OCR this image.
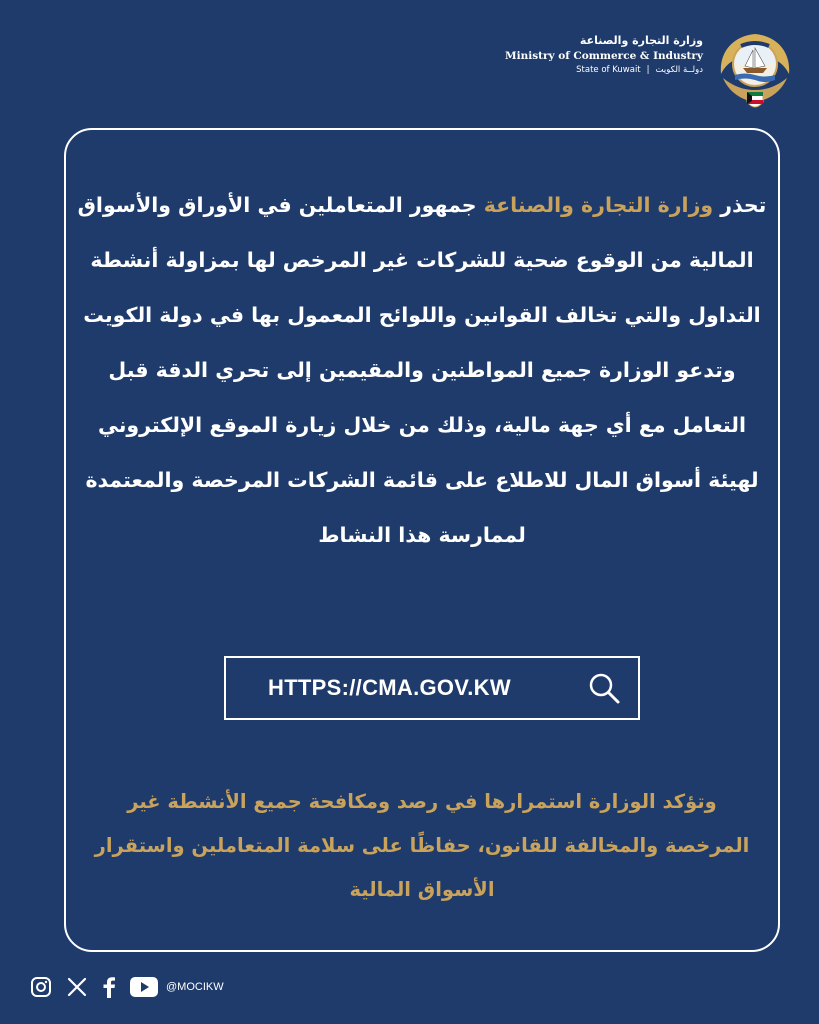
وزارة التجارة والصناعة
Ministry of Commerce & Industry
State of Kuwait | دولــة الكويت
تحذر وزارة التجارة والصناعة جمهور المتعاملين في الأوراق والأسواق المالية من الوقوع ضحية للشركات غير المرخص لها بمزاولة أنشطة التداول والتي تخالف القوانين واللوائح المعمول بها في دولة الكويت
وتدعو الوزارة جميع المواطنين والمقيمين إلى تحري الدقة قبل التعامل مع أي جهة مالية، وذلك من خلال زيارة الموقع الإلكتروني لهيئة أسواق المال للاطلاع على قائمة الشركات المرخصة والمعتمدة لممارسة هذا النشاط
HTTPS://CMA.GOV.KW
وتؤكد الوزارة استمرارها في رصد ومكافحة جميع الأنشطة غير المرخصة والمخالفة للقانون، حفاظًا على سلامة المتعاملين واستقرار الأسواق المالية
@MOCIKW
